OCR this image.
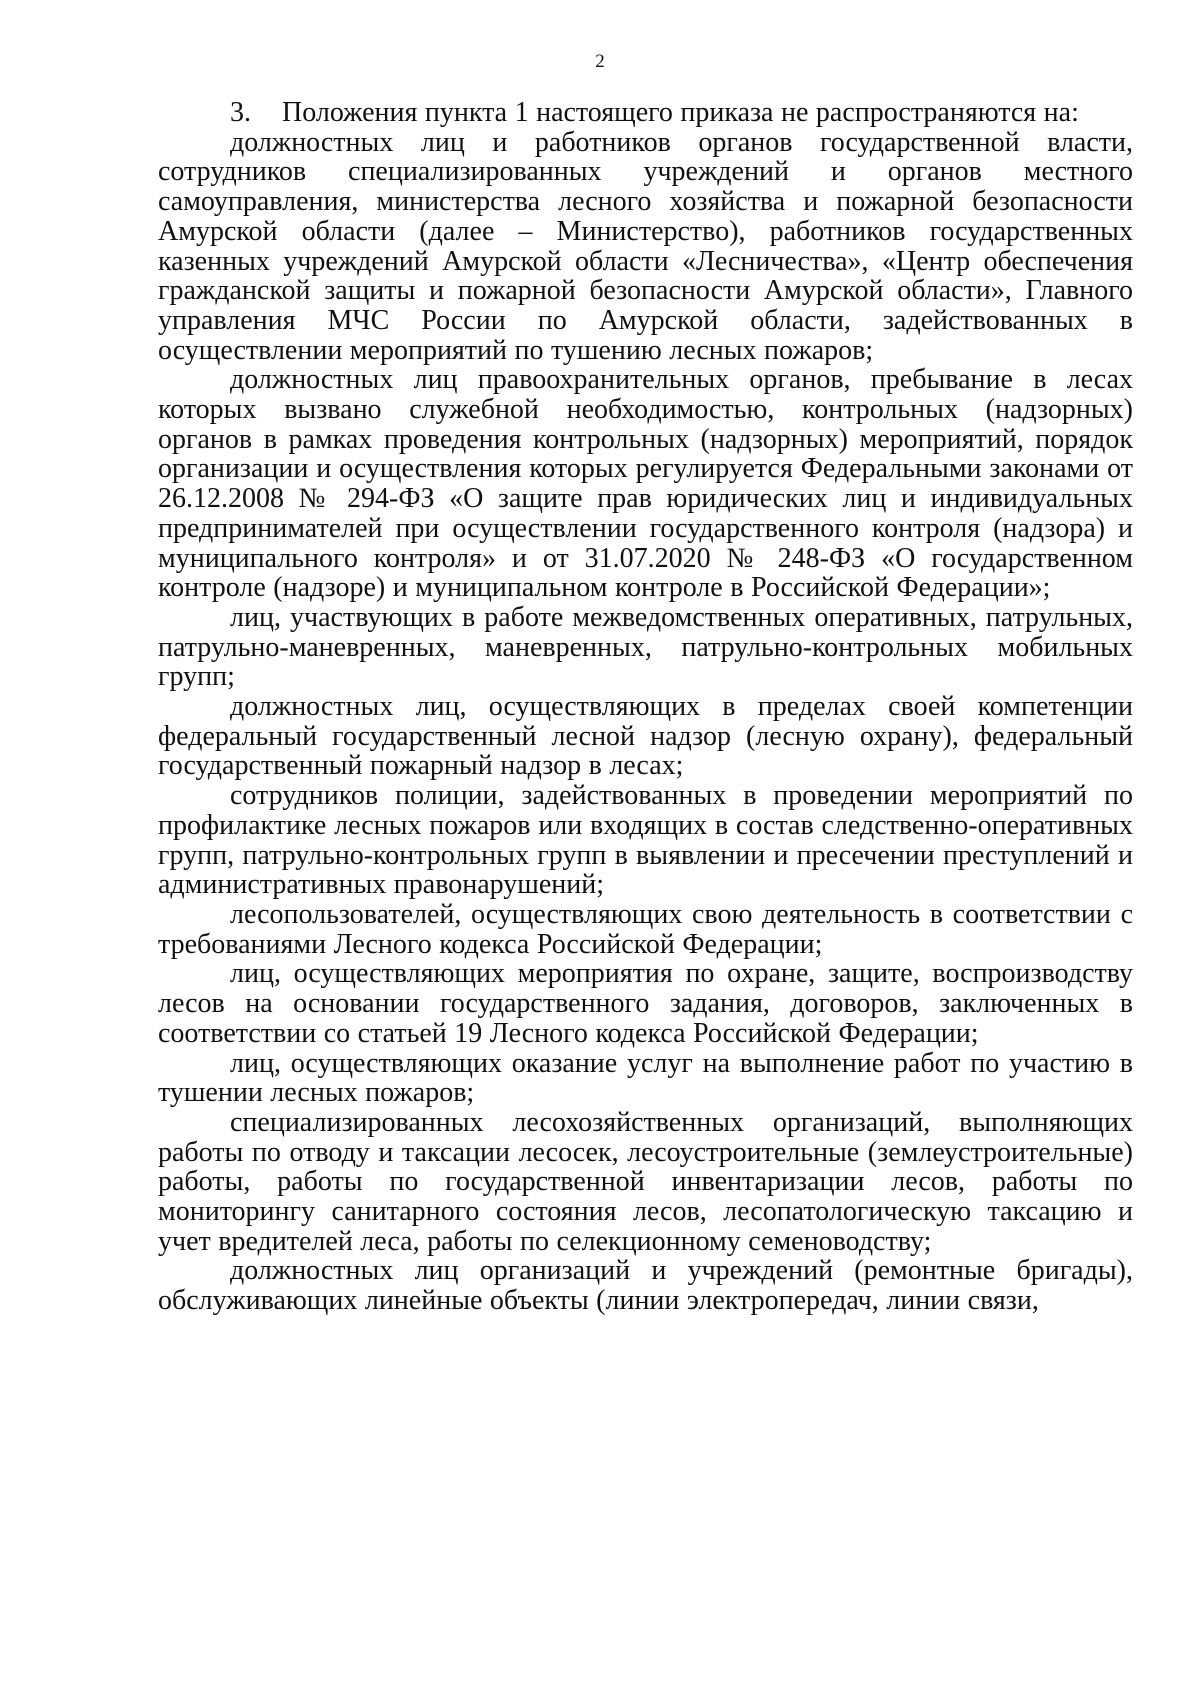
2

3. Положения пункта 1 настоящего приказа не распространяются на:

должностных лиц и работников органов государственной власти, сотрудников специализированных учреждений и органов местного самоуправления, министерства лесного хозяйства и пожарной безопасности Амурской области (далее – Министерство), работников государственных казенных учреждений Амурской области «Лесничества», «Центр обеспечения гражданской защиты и пожарной безопасности Амурской области», Главного управления МЧС России по Амурской области, задействованных в осуществлении мероприятий по тушению лесных пожаров;

должностных лиц правоохранительных органов, пребывание в лесах которых вызвано служебной необходимостью, контрольных (надзорных) органов в рамках проведения контрольных (надзорных) мероприятий, порядок организации и осуществления которых регулируется Федеральными законами от 26.12.2008 № 294-ФЗ «О защите прав юридических лиц и индивидуальных предпринимателей при осуществлении государственного контроля (надзора) и муниципального контроля» и от 31.07.2020 № 248-ФЗ «О государственном контроле (надзоре) и муниципальном контроле в Российской Федерации»;

лиц, участвующих в работе межведомственных оперативных, патрульных, патрульно-маневренных, маневренных, патрульно-контрольных мобильных групп;

должностных лиц, осуществляющих в пределах своей компетенции федеральный государственный лесной надзор (лесную охрану), федеральный государственный пожарный надзор в лесах;

сотрудников полиции, задействованных в проведении мероприятий по профилактике лесных пожаров или входящих в состав следственно-оперативных групп, патрульно-контрольных групп в выявлении и пресечении преступлений и административных правонарушений;

лесопользователей, осуществляющих свою деятельность в соответствии с требованиями Лесного кодекса Российской Федерации;

лиц, осуществляющих мероприятия по охране, защите, воспроизводству лесов на основании государственного задания, договоров, заключенных в соответствии со статьей 19 Лесного кодекса Российской Федерации;

лиц, осуществляющих оказание услуг на выполнение работ по участию в тушении лесных пожаров;

специализированных лесохозяйственных организаций, выполняющих работы по отводу и таксации лесосек, лесоустроительные (землеустроительные) работы, работы по государственной инвентаризации лесов, работы по мониторингу санитарного состояния лесов, лесопатологическую таксацию и учет вредителей леса, работы по селекционному семеноводству;

должностных лиц организаций и учреждений (ремонтные бригады), обслуживающих линейные объекты (линии электропередач, линии связи,
